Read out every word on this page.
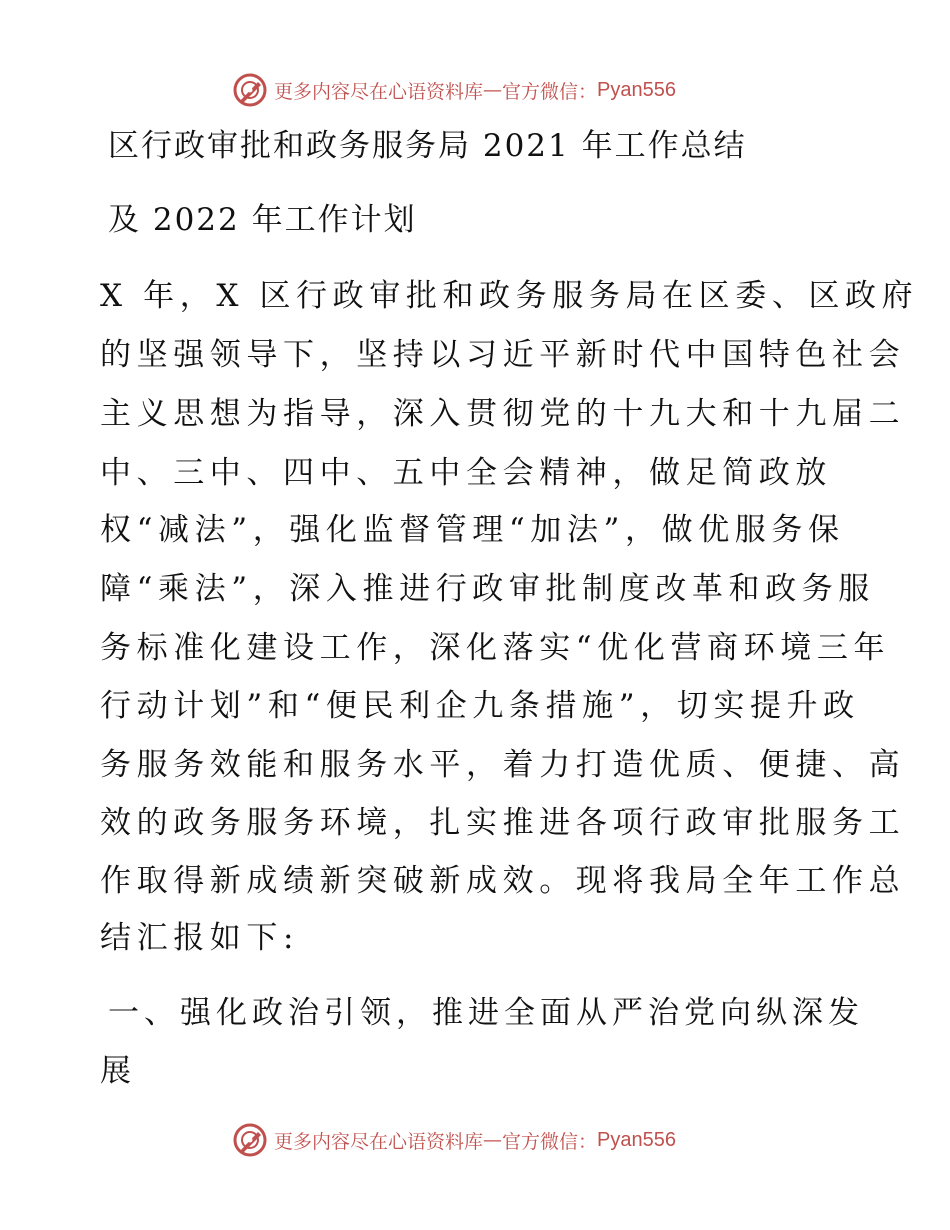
更多内容尽在心语资料库 — 官方微信： Pyan556
区行政审批和政务服务局 2021 年工作总结
及 2022 年工作计划
X 年，X 区行政审批和政务服务局在区委、区政府
的坚强领导下，坚持以习近平新时代中国特色社会
主义思想为指导，深入贯彻党的十九大和十九届二
中、三中、四中、五中全会精神，做足简政放
权“减法”，强化监督管理“加法”，做优服务保
障“乘法”，深入推进行政审批制度改革和政务服
务标准化建设工作，深化落实“优化营商环境三年
行动计划”和“便民利企九条措施”，切实提升政
务服务效能和服务水平，着力打造优质、便捷、高
效的政务服务环境，扎实推进各项行政审批服务工
作取得新成绩新突破新成效。现将我局全年工作总
结汇报如下:
一、强化政治引领，推进全面从严治党向纵深发
展
更多内容尽在心语资料库 — 官方微信： Pyan556
